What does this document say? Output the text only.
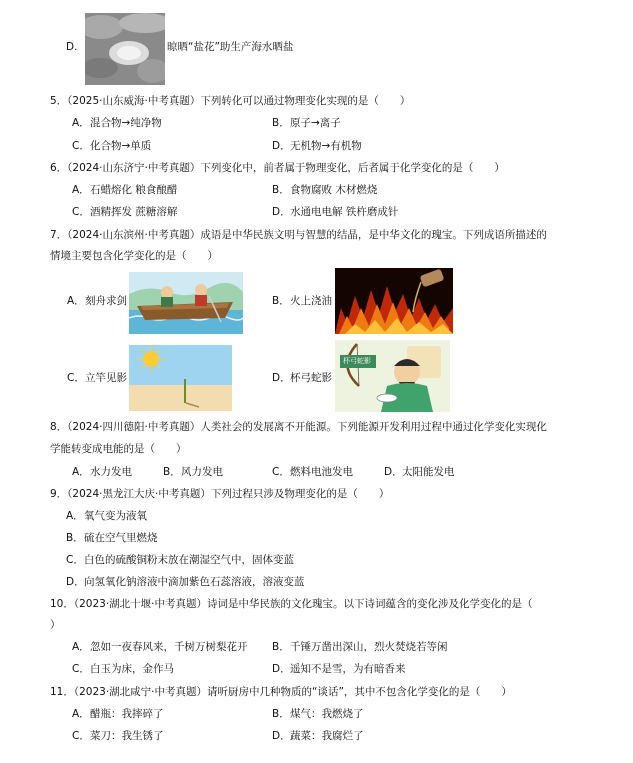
D.	晾晒“盐花”助生产海水晒盐
5．（2025·山东威海·中考真题）下列转化可以通过物理变化实现的是（　　）
A． 混合物→纯净物	B． 原子→离子
C． 化合物→单质	D． 无机物→有机物
6．（2024·山东济宁·中考真题）下列变化中，前者属于物理变化，后者属于化学变化的是（　　）
A． 石蜡熔化 粮食酿醋	B． 食物腐败 木材燃烧
C． 酒精挥发 蔗糖溶解	D． 水通电电解 铁杵磨成针
7．（2024·山东滨州·中考真题）成语是中华民族文明与智慧的结晶，是中华文化的瑰宝。下列成语所描述的
情境主要包含化学变化的是（　　）
A． 刻舟求剑	B． 火上浇油
C． 立竿见影	D． 杯弓蛇影
杯弓蛇影
8．（2024·四川德阳·中考真题）人类社会的发展离不开能源。下列能源开发利用过程中通过化学变化实现化
学能转变成电能的是（　　）
A． 水力发电	B． 风力发电	C． 燃料电池发电	D． 太阳能发电
9．（2024·黑龙江大庆·中考真题）下列过程只涉及物理变化的是（　　）
A． 氧气变为液氧
B． 硫在空气里燃烧
C． 白色的硫酸铜粉末放在潮湿空气中，固体变蓝
D． 向氢氧化钠溶液中滴加紫色石蕊溶液，溶液变蓝
10．（2023·湖北十堰·中考真题）诗词是中华民族的文化瑰宝。以下诗词蕴含的变化涉及化学变化的是（
）
A． 忽如一夜春风来，千树万树梨花开 B． 千锤万凿出深山，烈火焚烧若等闲
C． 白玉为床，金作马	D． 遥知不是雪，为有暗香来
11．（2023·湖北咸宁·中考真题）请听厨房中几种物质的“谈话”，其中不包含化学变化的是（　　）
A． 醋瓶：我摔碎了	B． 煤气：我燃烧了
C． 菜刀：我生锈了	D． 蔬菜：我腐烂了
